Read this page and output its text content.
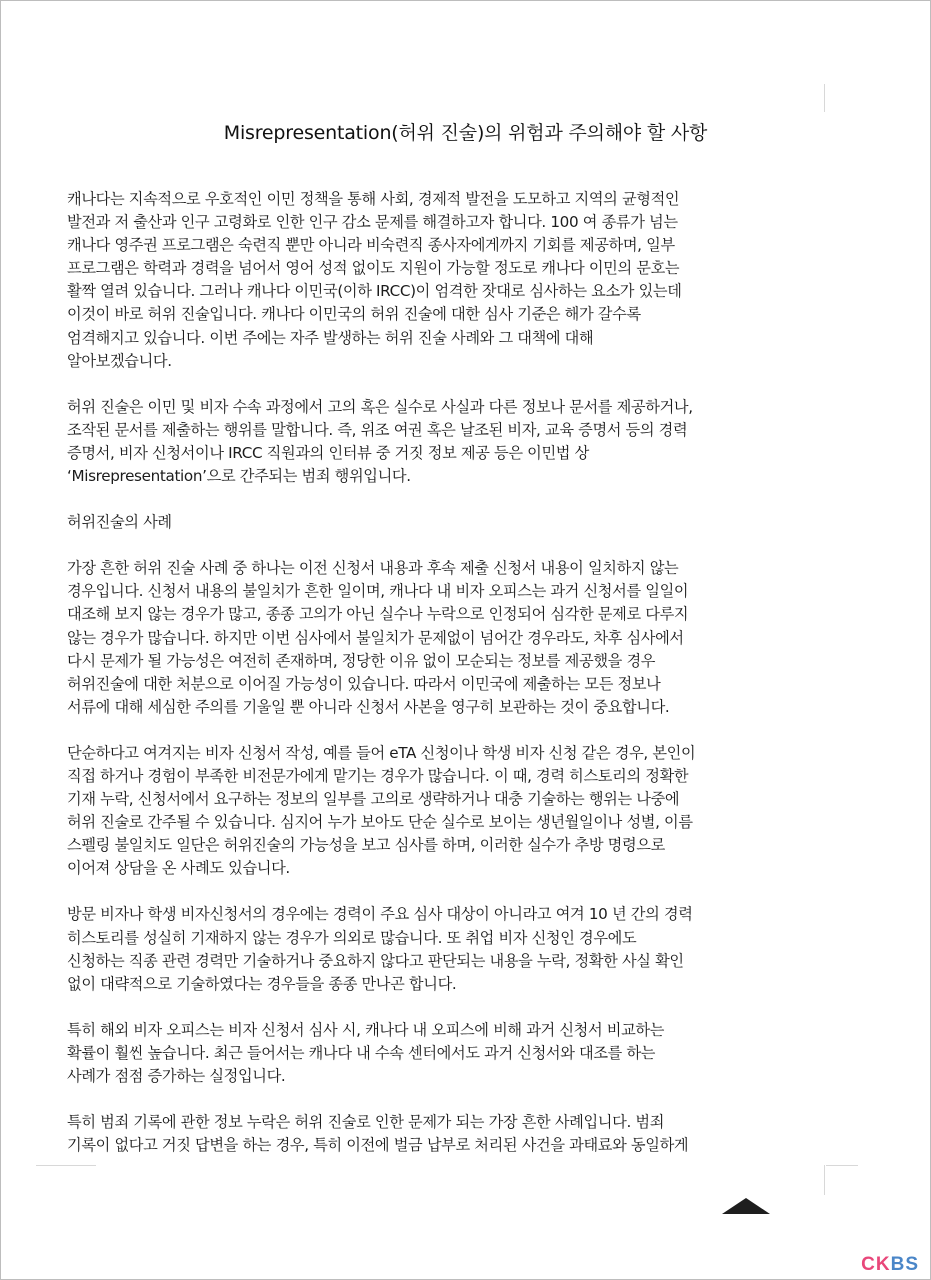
Misrepresentation(허위 진술)의 위험과 주의해야 할 사항

캐나다는 지속적으로 우호적인 이민 정책을 통해 사회, 경제적 발전을 도모하고 지역의 균형적인
발전과 저 출산과 인구 고령화로 인한 인구 감소 문제를 해결하고자 합니다. 100 여 종류가 넘는
캐나다 영주권 프로그램은 숙련직 뿐만 아니라 비숙련직 종사자에게까지 기회를 제공하며, 일부
프로그램은 학력과 경력을 넘어서 영어 성적 없이도 지원이 가능할 정도로 캐나다 이민의 문호는
활짝 열려 있습니다. 그러나 캐나다 이민국(이하 IRCC)이 엄격한 잣대로 심사하는 요소가 있는데
이것이 바로 허위 진술입니다. 캐나다 이민국의 허위 진술에 대한 심사 기준은 해가 갈수록
엄격해지고 있습니다. 이번 주에는 자주 발생하는 허위 진술 사례와 그 대책에 대해
알아보겠습니다.

허위 진술은 이민 및 비자 수속 과정에서 고의 혹은 실수로 사실과 다른 정보나 문서를 제공하거나,
조작된 문서를 제출하는 행위를 말합니다. 즉, 위조 여권 혹은 날조된 비자, 교육 증명서 등의 경력
증명서, 비자 신청서이나 IRCC 직원과의 인터뷰 중 거짓 정보 제공 등은 이민법 상
‘Misrepresentation’으로 간주되는 범죄 행위입니다.

허위진술의 사례

가장 흔한 허위 진술 사례 중 하나는 이전 신청서 내용과 후속 제출 신청서 내용이 일치하지 않는
경우입니다. 신청서 내용의 불일치가 흔한 일이며, 캐나다 내 비자 오피스는 과거 신청서를 일일이
대조해 보지 않는 경우가 많고, 종종 고의가 아닌 실수나 누락으로 인정되어 심각한 문제로 다루지
않는 경우가 많습니다. 하지만 이번 심사에서 불일치가 문제없이 넘어간 경우라도, 차후 심사에서
다시 문제가 될 가능성은 여전히 존재하며, 정당한 이유 없이 모순되는 정보를 제공했을 경우
허위진술에 대한 처분으로 이어질 가능성이 있습니다. 따라서 이민국에 제출하는 모든 정보나
서류에 대해 세심한 주의를 기울일 뿐 아니라 신청서 사본을 영구히 보관하는 것이 중요합니다.

단순하다고 여겨지는 비자 신청서 작성, 예를 들어 eTA 신청이나 학생 비자 신청 같은 경우, 본인이
직접 하거나 경험이 부족한 비전문가에게 맡기는 경우가 많습니다. 이 때, 경력 히스토리의 정확한
기재 누락, 신청서에서 요구하는 정보의 일부를 고의로 생략하거나 대충 기술하는 행위는 나중에
허위 진술로 간주될 수 있습니다. 심지어 누가 보아도 단순 실수로 보이는 생년월일이나 성별, 이름
스펠링 불일치도 일단은 허위진술의 가능성을 보고 심사를 하며, 이러한 실수가 추방 명령으로
이어져 상담을 온 사례도 있습니다.

방문 비자나 학생 비자신청서의 경우에는 경력이 주요 심사 대상이 아니라고 여겨 10 년 간의 경력
히스토리를 성실히 기재하지 않는 경우가 의외로 많습니다. 또 취업 비자 신청인 경우에도
신청하는 직종 관련 경력만 기술하거나 중요하지 않다고 판단되는 내용을 누락, 정확한 사실 확인
없이 대략적으로 기술하였다는 경우들을 종종 만나곤 합니다.

특히 해외 비자 오피스는 비자 신청서 심사 시, 캐나다 내 오피스에 비해 과거 신청서 비교하는
확률이 훨씬 높습니다. 최근 들어서는 캐나다 내 수속 센터에서도 과거 신청서와 대조를 하는
사례가 점점 증가하는 실정입니다.

특히 범죄 기록에 관한 정보 누락은 허위 진술로 인한 문제가 되는 가장 흔한 사례입니다. 범죄
기록이 없다고 거짓 답변을 하는 경우, 특히 이전에 벌금 납부로 처리된 사건을 과태료와 동일하게

CKBS
